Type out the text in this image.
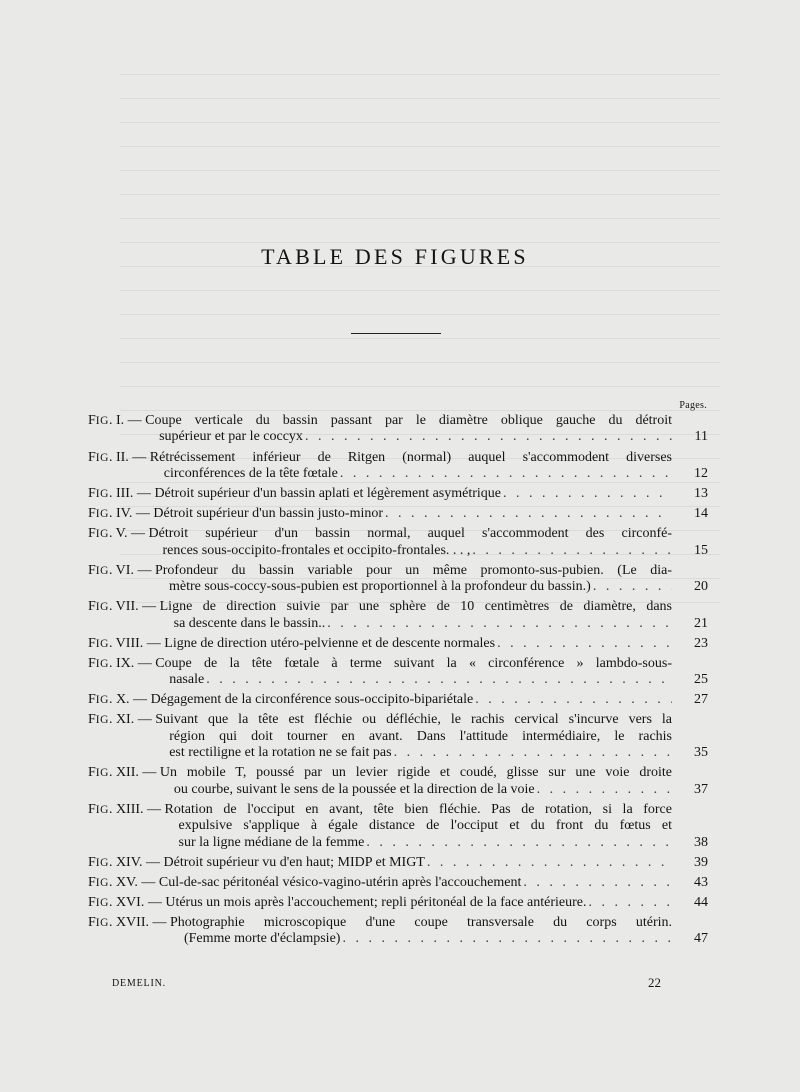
TABLE DES FIGURES
Pages.
FIG. I. — Coupe verticale du bassin passant par le diamètre oblique gauche du détroit
supérieur et par le coccyx . . .	11
FIG. II. — Rétrécissement inférieur de Ritgen (normal) auquel s'accommodent diverses
circonférences de la tête fœtale . . .	12
FIG. III. — Détroit supérieur d'un bassin aplati et légèrement asymétrique . . .	13
FIG. IV. — Détroit supérieur d'un bassin justo-minor . . .	14
FIG. V. — Détroit supérieur d'un bassin normal, auquel s'accommodent des circonfé-
rences sous-occipito-frontales et occipito-frontales. . . , . . .	15
FIG. VI. — Profondeur du bassin variable pour un même promonto-sus-pubien. (Le dia-
mètre sous-coccy-sous-pubien est proportionnel à la profondeur du bassin.) . . .	20
FIG. VII. — Ligne de direction suivie par une sphère de 10 centimètres de diamètre, dans
sa descente dans le bassin.. . . .	21
FIG. VIII. — Ligne de direction utéro-pelvienne et de descente normales . . .	23
FIG. IX. — Coupe de la tête fœtale à terme suivant la « circonférence » lambdo-sous-
nasale . . .	25
FIG. X. — Dégagement de la circonférence sous-occipito-bipariétale . . .	27
FIG. XI. — Suivant que la tête est fléchie ou défléchie, le rachis cervical s'incurve vers la
région qui doit tourner en avant. Dans l'attitude intermédiaire, le rachis
est rectiligne et la rotation ne se fait pas . . .	35
FIG. XII. — Un mobile T, poussé par un levier rigide et coudé, glisse sur une voie droite
ou courbe, suivant le sens de la poussée et la direction de la voie . . .	37
FIG. XIII. — Rotation de l'occiput en avant, tête bien fléchie. Pas de rotation, si la force
expulsive s'applique à égale distance de l'occiput et du front du fœtus et
sur la ligne médiane de la femme . . .	38
FIG. XIV. — Détroit supérieur vu d'en haut; MIDP et MIGT . . .	39
FIG. XV. — Cul-de-sac péritonéal vésico-vagino-utérin après l'accouchement . . .	43
FIG. XVI. — Utérus un mois après l'accouchement; repli péritonéal de la face antérieure. . . .	44
FIG. XVII. — Photographie microscopique d'une coupe transversale du corps utérin.
(Femme morte d'éclampsie) . . .	47
DEMELIN.	22
